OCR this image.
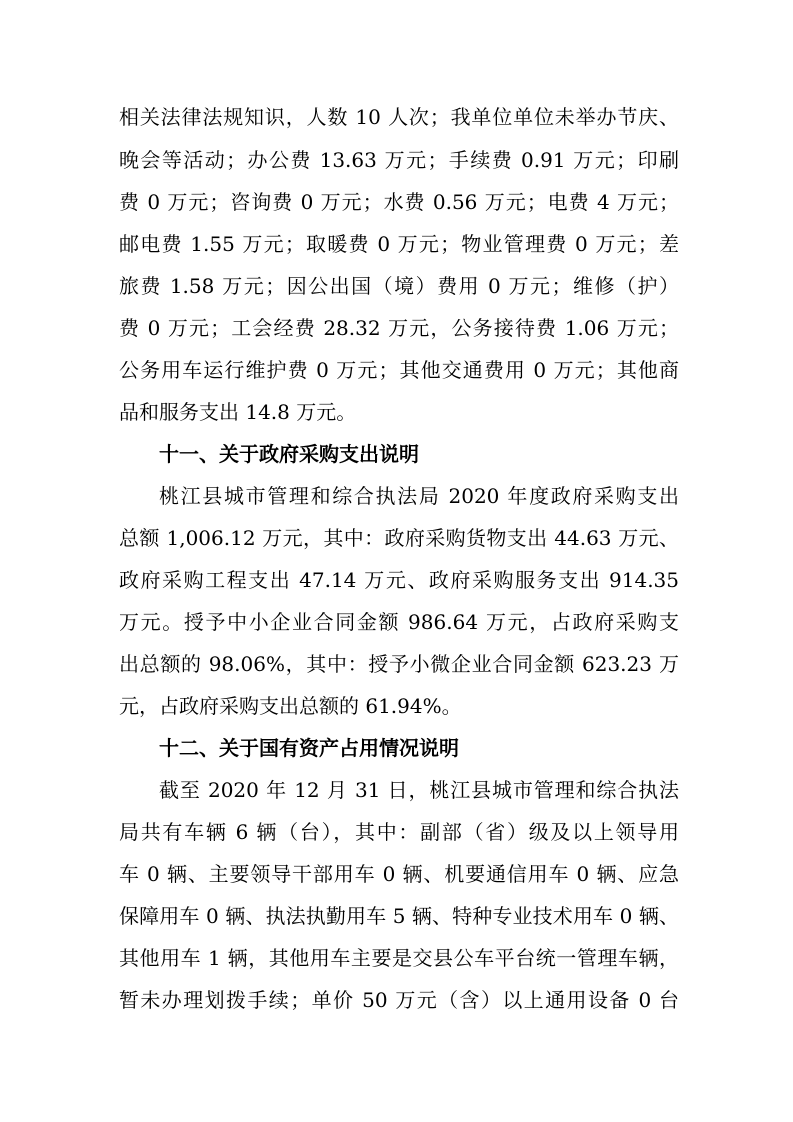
相关法律法规知识，人数 10 人次；我单位单位未举办节庆、
晚会等活动；办公费 13.63 万元；手续费 0.91 万元；印刷
费 0 万元；咨询费 0 万元；水费 0.56 万元；电费 4 万元；
邮电费 1.55 万元；取暖费 0 万元；物业管理费 0 万元；差
旅费 1.58 万元；因公出国（境）费用 0 万元；维修（护）
费 0 万元；工会经费 28.32 万元，公务接待费 1.06 万元；
公务用车运行维护费 0 万元；其他交通费用 0 万元；其他商
品和服务支出 14.8 万元。
十一、关于政府采购支出说明
桃江县城市管理和综合执法局 2020 年度政府采购支出
总额 1,006.12 万元，其中：政府采购货物支出 44.63 万元、
政府采购工程支出 47.14 万元、政府采购服务支出 914.35
万元。授予中小企业合同金额 986.64 万元，占政府采购支
出总额的 98.06%，其中：授予小微企业合同金额 623.23 万
元，占政府采购支出总额的 61.94%。
十二、关于国有资产占用情况说明
截至 2020 年 12 月 31 日，桃江县城市管理和综合执法
局共有车辆 6 辆（台），其中：副部（省）级及以上领导用
车 0 辆、主要领导干部用车 0 辆、机要通信用车 0 辆、应急
保障用车 0 辆、执法执勤用车 5 辆、特种专业技术用车 0 辆、
其他用车 1 辆，其他用车主要是交县公车平台统一管理车辆，
暂未办理划拨手续；单价 50 万元（含）以上通用设备 0 台
